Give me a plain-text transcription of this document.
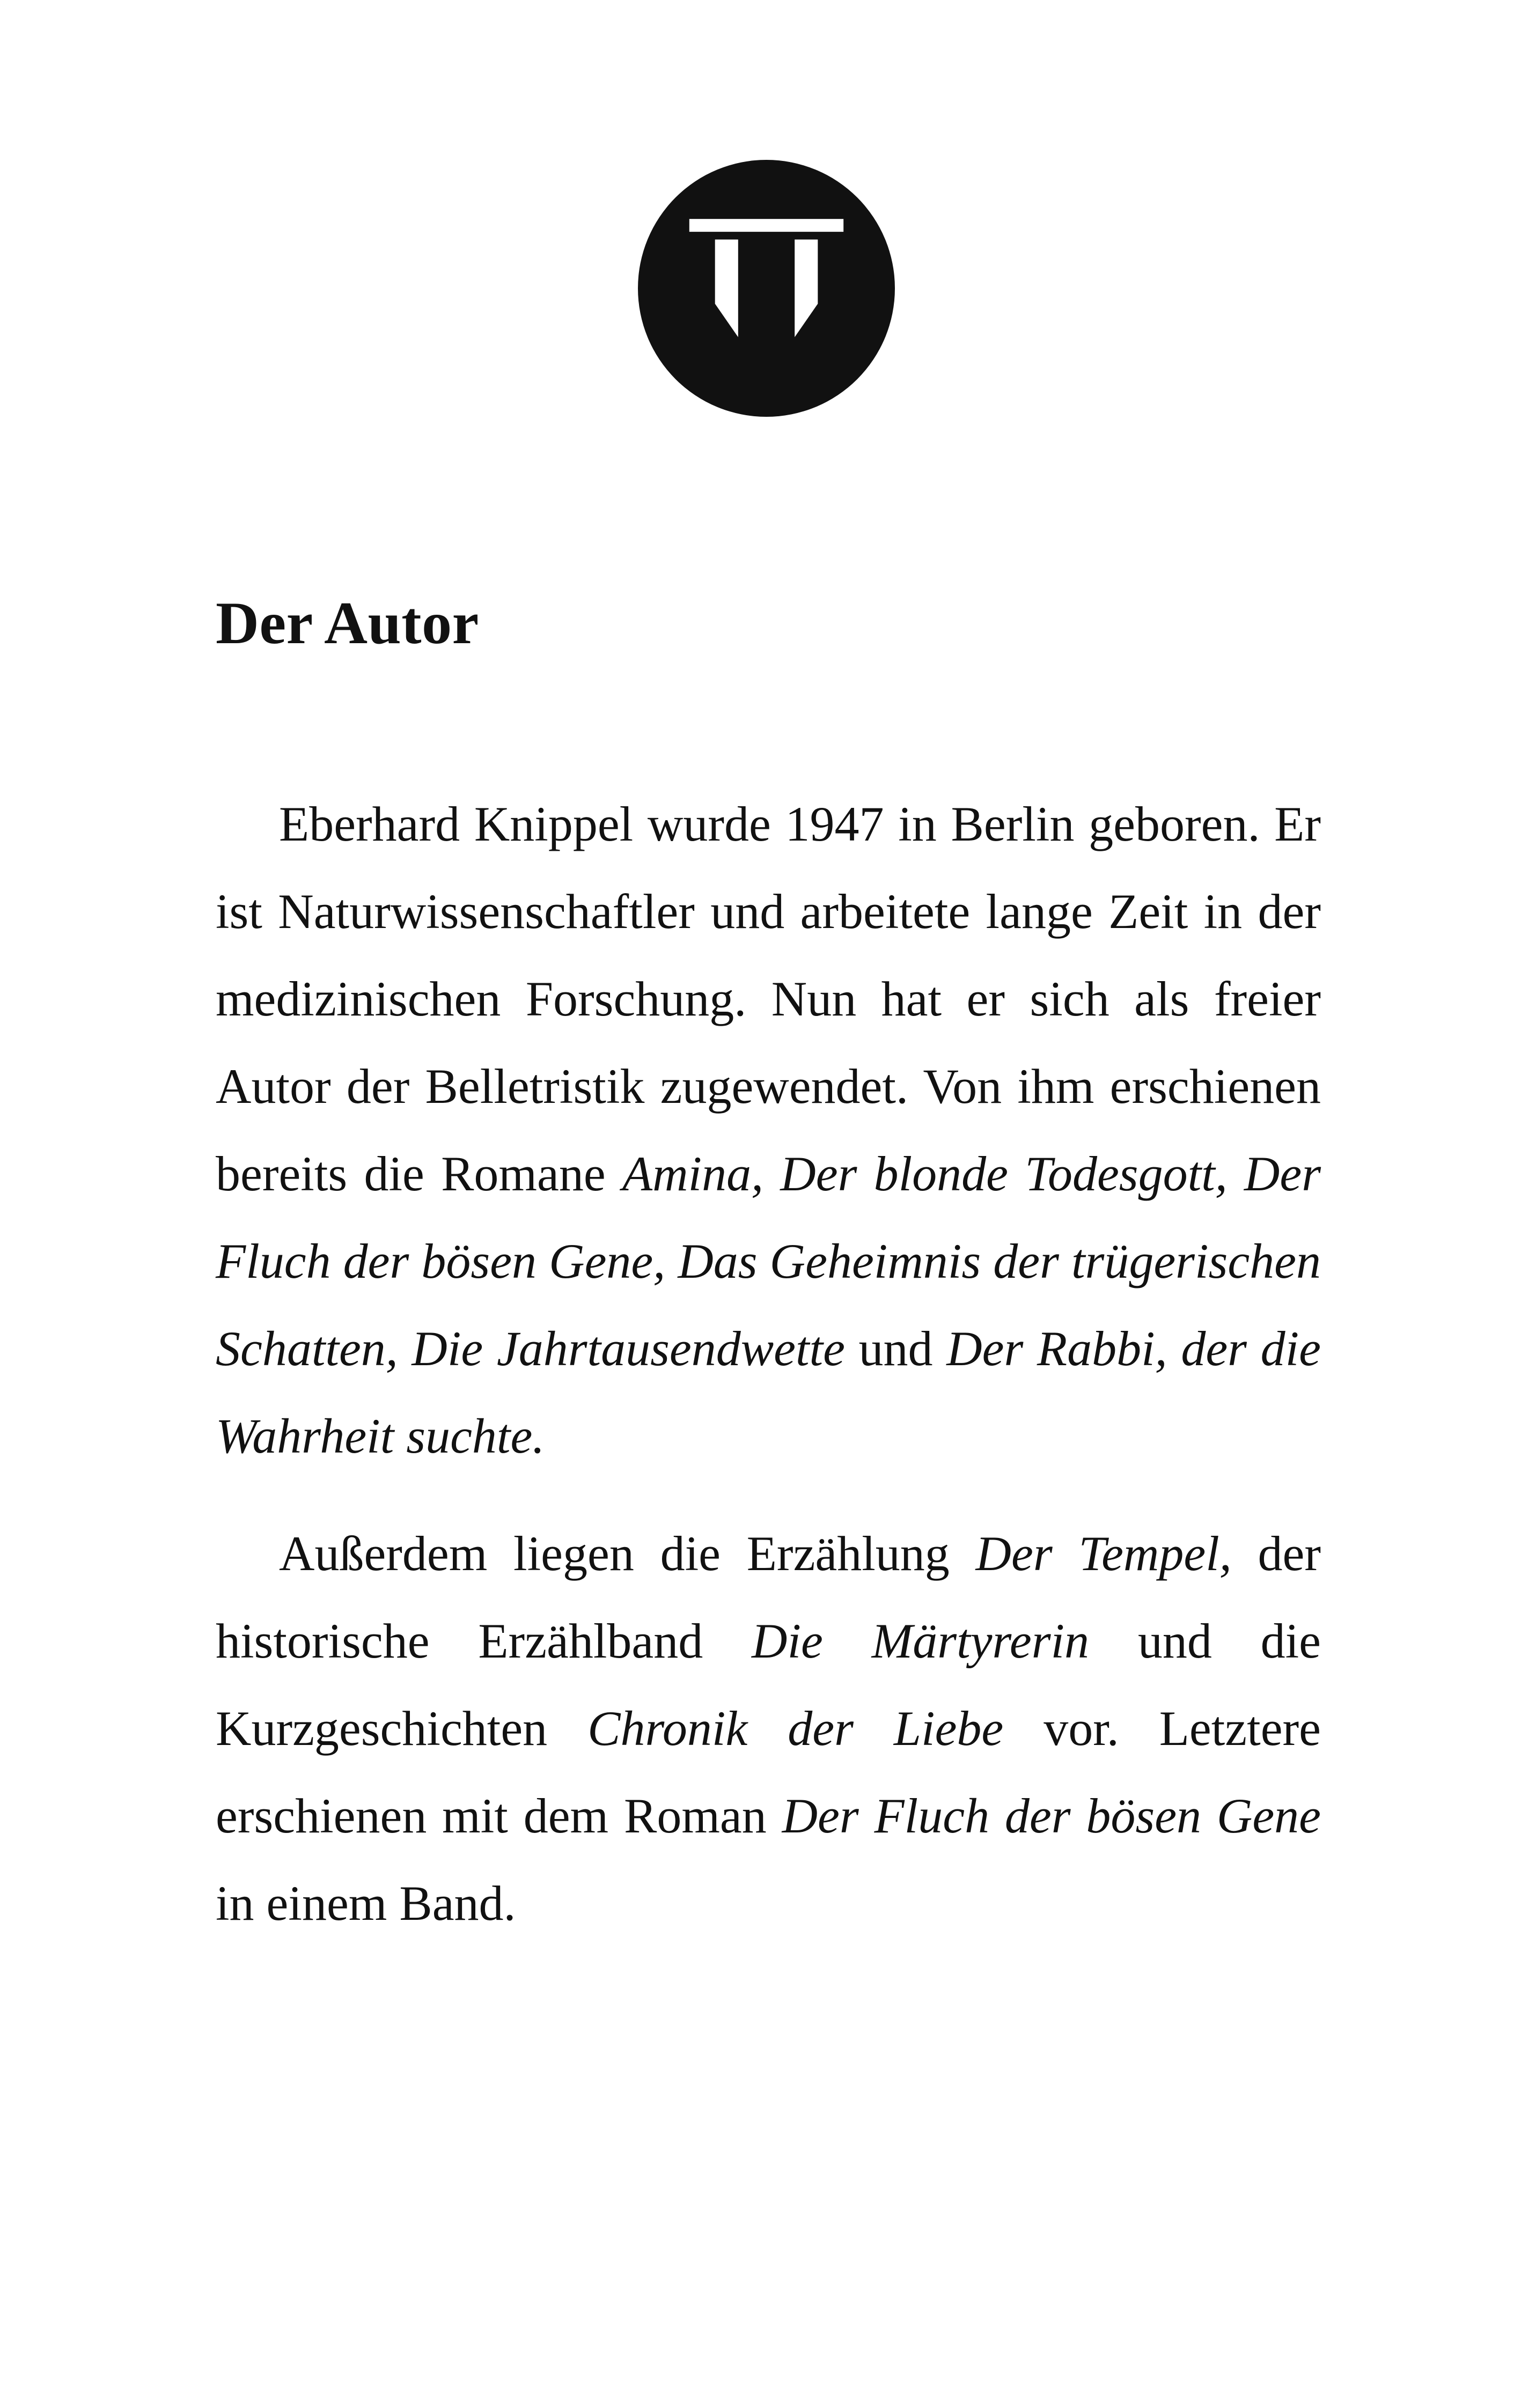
Der Autor

Eberhard Knippel wurde 1947 in Berlin geboren. Er ist Naturwissenschaftler und arbeitete lange Zeit in der medizinischen Forschung. Nun hat er sich als freier Autor der Belletristik zugewendet. Von ihm erschienen bereits die Romane Amina, Der blonde Todesgott, Der Fluch der bösen Gene, Das Geheimnis der trügerischen Schatten, Die Jahrtausendwette und Der Rabbi, der die Wahrheit suchte.

Außerdem liegen die Erzählung Der Tempel, der historische Erzählband Die Märtyrerin und die Kurzgeschichten Chronik der Liebe vor. Letztere erschienen mit dem Roman Der Fluch der bösen Gene in einem Band.
